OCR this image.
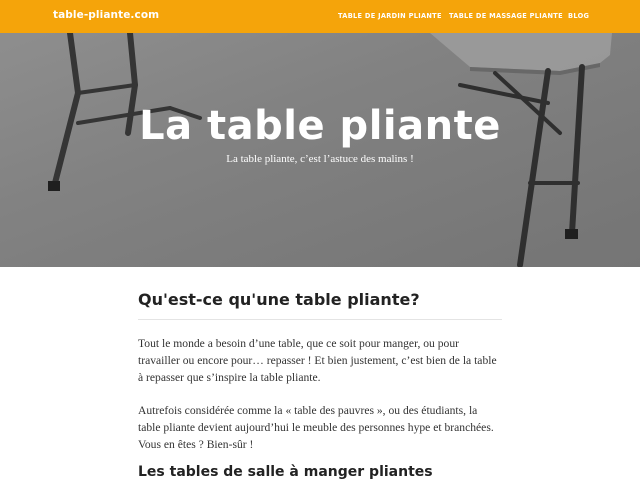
table-pliante.com	TABLE DE JARDIN PLIANTE TABLE DE MASSAGE PLIANTE BLOG
La table pliante
La table pliante, c’est l’astuce des malins !
Qu'est-ce qu'une table pliante?

Tout le monde a besoin d’une table, que ce soit pour manger, ou pour travailler ou encore pour… repasser ! Et bien justement, c’est bien de la table à repasser que s’inspire la table pliante.

Autrefois considérée comme la « table des pauvres », ou des étudiants, la table pliante devient aujourd’hui le meuble des personnes hype et branchées. Vous en êtes ? Bien-sûr !

Les tables de salle à manger pliantes
